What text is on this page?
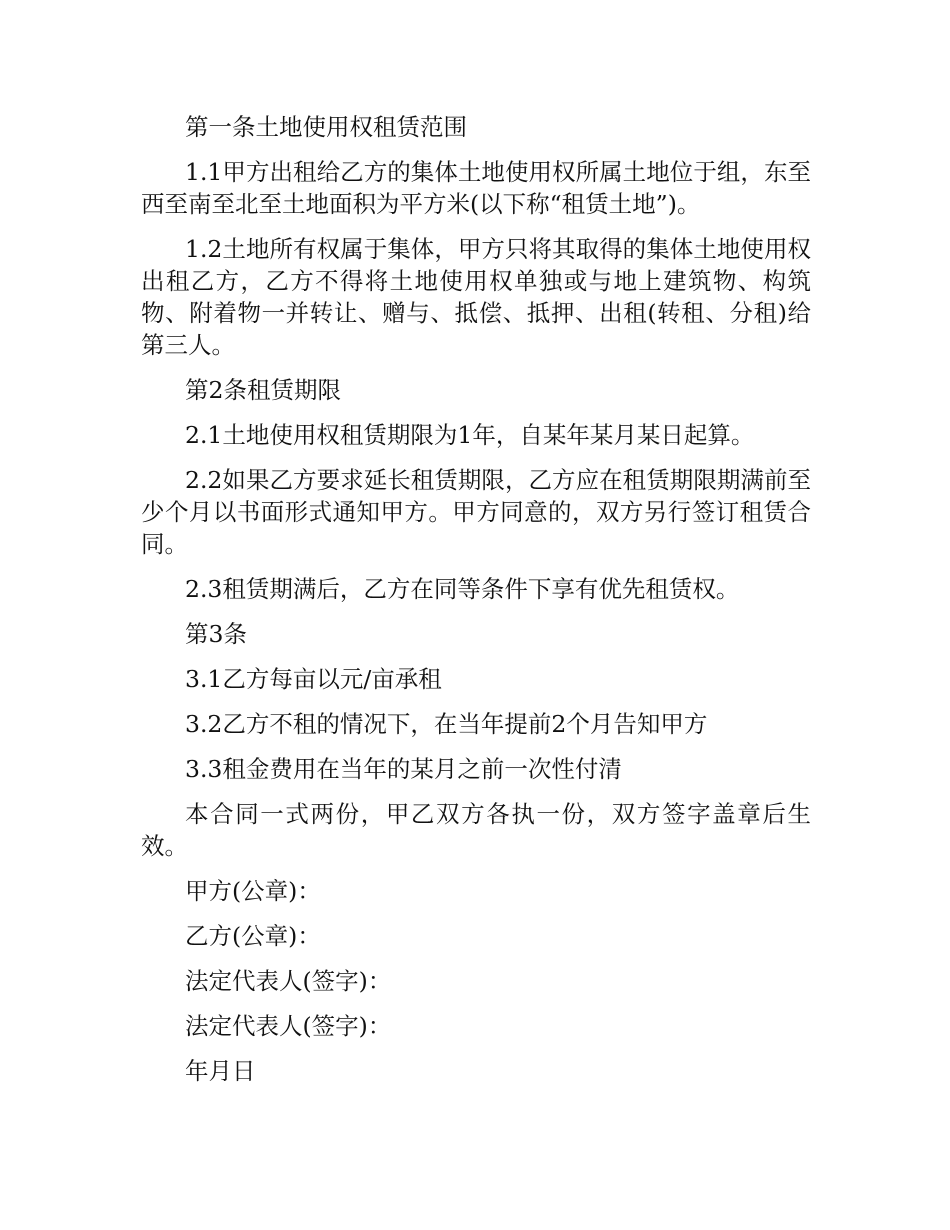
第一条土地使用权租赁范围

1.1甲方出租给乙方的集体土地使用权所属土地位于组，东至西至南至北至土地面积为平方米(以下称“租赁土地”)。

1.2土地所有权属于集体，甲方只将其取得的集体土地使用权出租乙方，乙方不得将土地使用权单独或与地上建筑物、构筑物、附着物一并转让、赠与、抵偿、抵押、出租(转租、分租)给第三人。

第2条租赁期限

2.1土地使用权租赁期限为1年，自某年某月某日起算。

2.2如果乙方要求延长租赁期限，乙方应在租赁期限期满前至少个月以书面形式通知甲方。甲方同意的，双方另行签订租赁合同。

2.3租赁期满后，乙方在同等条件下享有优先租赁权。

第3条

3.1乙方每亩以元/亩承租

3.2乙方不租的情况下，在当年提前2个月告知甲方

3.3租金费用在当年的某月之前一次性付清

本合同一式两份，甲乙双方各执一份，双方签字盖章后生效。

甲方(公章)：

乙方(公章)：

法定代表人(签字)：

法定代表人(签字)：

年月日
